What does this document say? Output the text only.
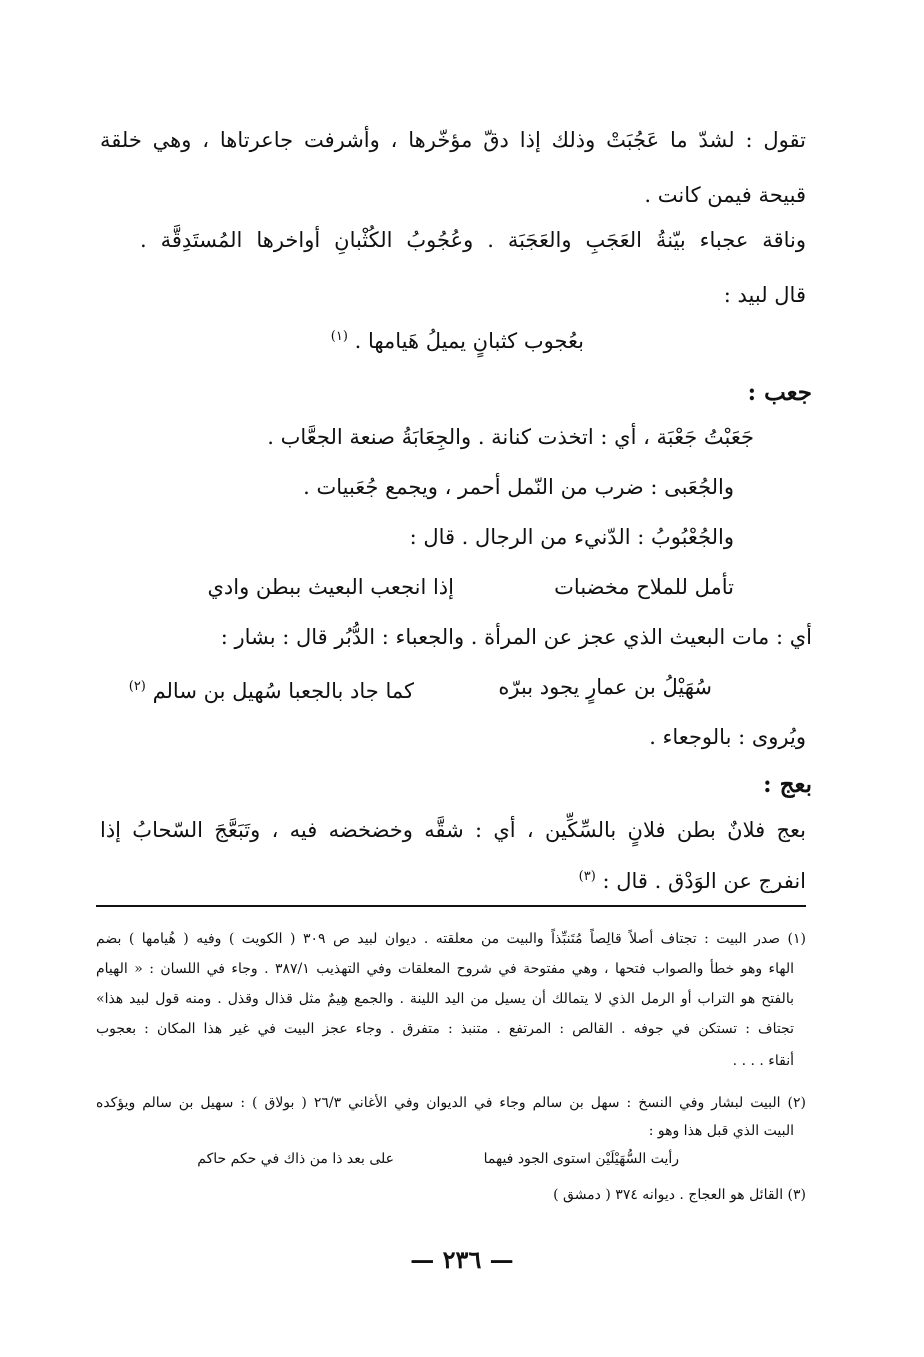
تقول : لشدّ ما عَجُبَتْ وذلك إذا دقّ مؤخّرها ، وأشرفت جاعرتاها ، وهي خلقة
قبيحة فيمن كانت .
وناقة عجباء بيّنةُ العَجَبِ والعَجَبَة . وعُجُوبُ الكُثْبانِ أواخرها المُستَدِقَّة .
قال لبيد :
بعُجوب كثبانٍ يميلُ هَيامها . $^{(١)}$
جعب :
جَعَبْتُ جَعْبَة ، أي : اتخذت كنانة . والجِعَابَةُ صنعة الجعَّاب .
والجُعَبى : ضرب من النّمل أحمر ، ويجمع جُعَبيات .
والجُعْبُوبُ : الدّنيء من الرجال . قال :
تأمل للملاح مخضبات
إذا انجعب البعيث ببطن وادي
أي : مات البعيث الذي عجز عن المرأة . والجعباء : الدُّبُر قال : بشار :
سُهَيْلُ بن عمارٍ يجود ببرّه
كما جاد بالجعبا سُهيل بن سالم $^{(٢)}$
ويُروى : بالوجعاء .
بعج :
بعج فلانٌ بطن فلانٍ بالسِّكِّين ، أي : شقَّه وخضخضه فيه ، وتَبَعَّجَ السّحابُ إذا
انفرج عن الوَدْق . قال : $^{(٣)}$
(١) صدر البيت : تجتاف أصلاً قالِصاً مُتَنبِّذاً والبيت من معلقته . ديوان لبيد ص ٣٠٩ ( الكويت ) وفيه ( هُيامها ) بضم
الهاء وهو خطأ والصواب فتحها ، وهي مفتوحة في شروح المعلقات وفي التهذيب ٣٨٧/١ . وجاء في اللسان : « الهيام
بالفتح هو التراب أو الرمل الذي لا يتمالك أن يسيل من اليد اللينة . والجمع هِيمٌ مثل قذال وقذل . ومنه قول لبيد هذا»
تجتاف : تستكن في جوفه . القالص : المرتفع . متنبذ : متفرق . وجاء عجز البيت في غير هذا المكان : بعجوب
أنقاء . . . .
(٢) البيت لبشار وفي النسخ : سهل بن سالم وجاء في الديوان وفي الأغاني ٢٦/٣ ( بولاق ) : سهيل بن سالم ويؤكده
البيت الذي قبل هذا وهو :
رأيت السُّهَيْلَيْن استوى الجود فيهما
على بعد ذا من ذاك في حكم حاكم
(٣) القائل هو العجاج . ديوانه ٣٧٤ ( دمشق )
— ٢٣٦ —
